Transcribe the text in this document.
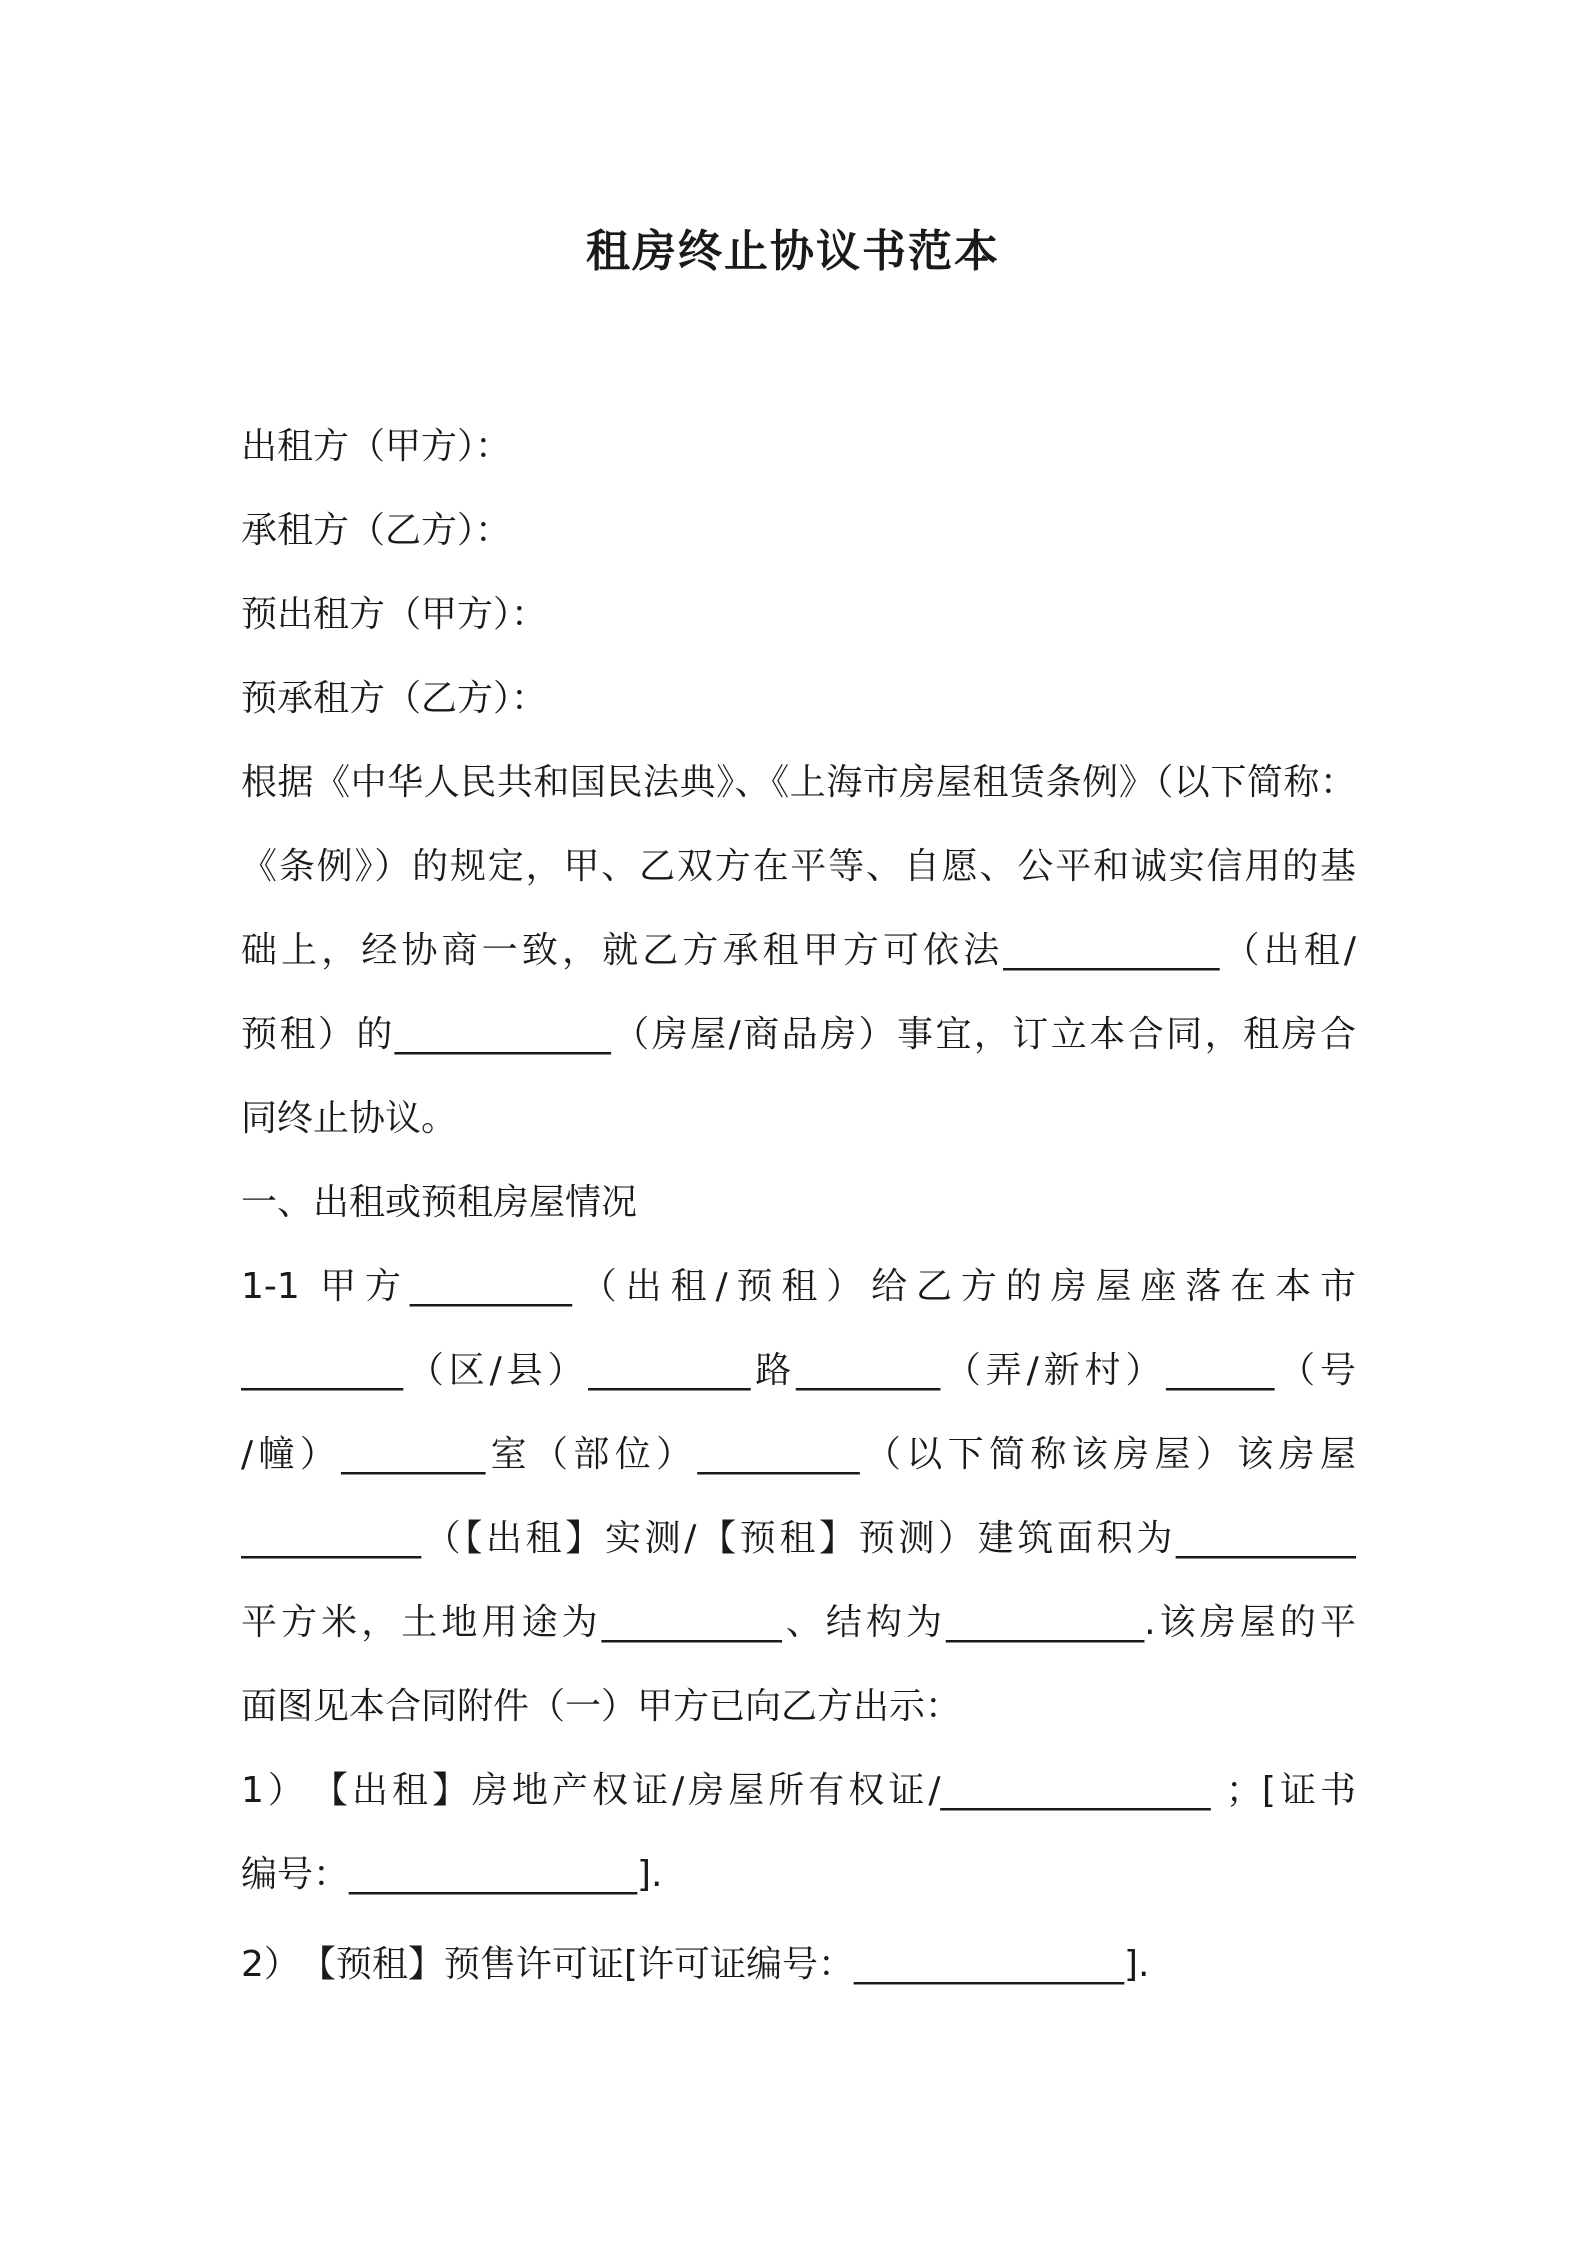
租房终止协议书范本
出租方（甲方）：
承租方（乙方）：
预出租方（甲方）：
预承租方（乙方）：
根据《中华人民共和国民法典》、《上海市房屋租赁条例》（以下简称：
《条例》）的规定，甲、乙双方在平等、自愿、公平和诚实信用的基
础上，经协商一致，就乙方承租甲方可依法____________（出租/
预租）的____________（房屋/商品房）事宜，订立本合同，租房合
同终止协议。
一、出租或预租房屋情况
1-1 甲方_________（出租/预租）给乙方的房屋座落在本市
_________（区/县）_________路________（弄/新村）______（号
/幢）________室（部位）_________（以下简称该房屋）该房屋
__________（【出租】实测/【预租】预测）建筑面积为__________
平方米，土地用途为__________、结构为___________.该房屋的平
面图见本合同附件（一）甲方已向乙方出示：
1）　【出租】房地产权证/房屋所有权证/_______________ ；[证书
编号：________________].
2）　【预租】预售许可证[许可证编号：_______________].
